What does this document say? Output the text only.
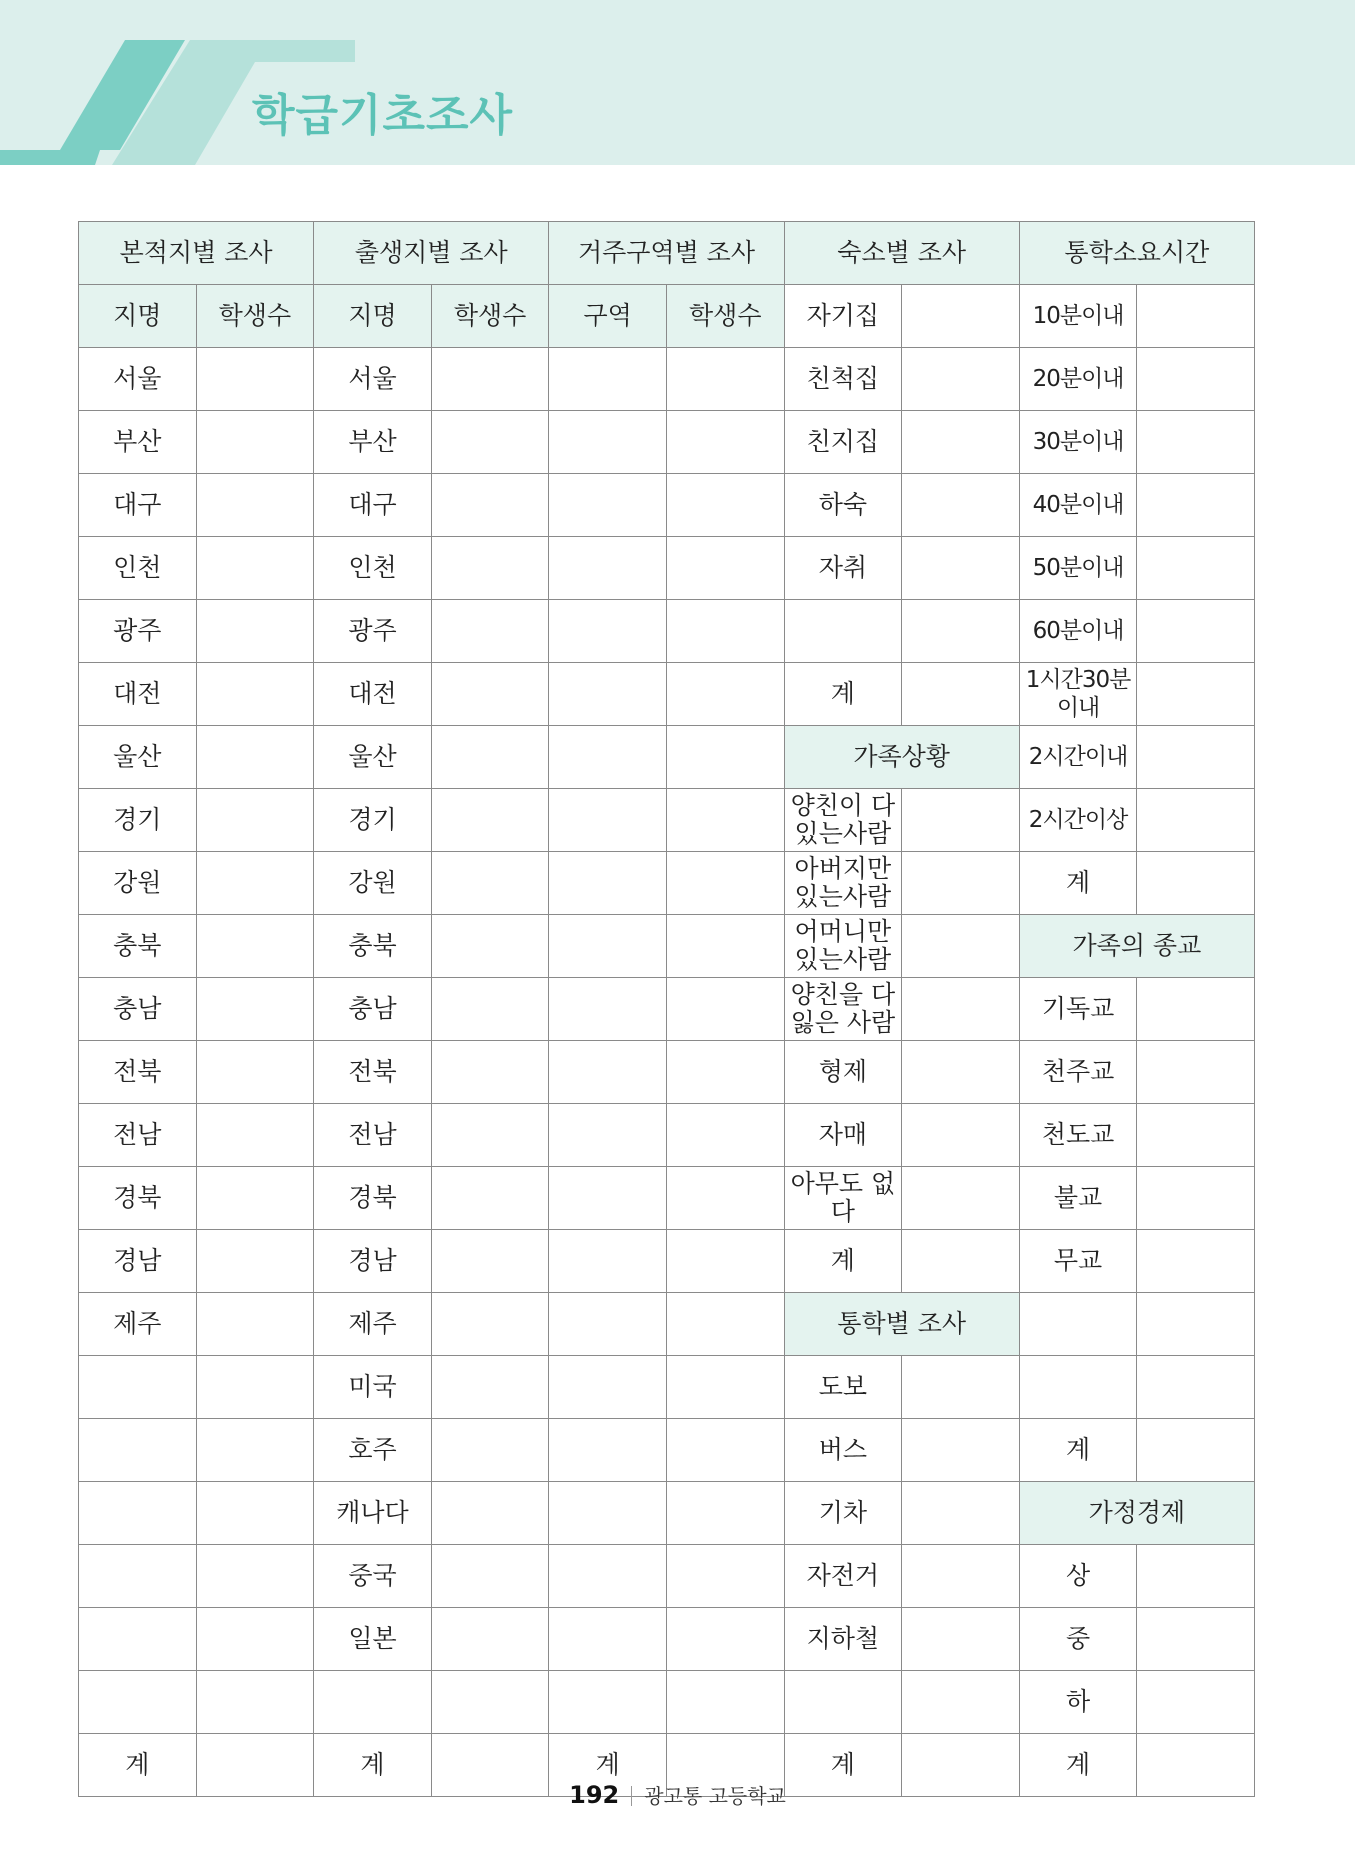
학급기초조사
본적지별 조사		출생지별 조사		거주구역별 조사		숙소별 조사		통학소요시간	
지명	학생수	지명	학생수	구역	학생수	자기집		10분이내	
서울		서울				친척집		20분이내	
부산		부산				친지집		30분이내	
대구		대구				하숙		40분이내	
인천		인천				자취		50분이내	
광주		광주						60분이내	
대전		대전				계		1시간30분 이내	
울산		울산				가족상황		2시간이내	
경기		경기				양친이 다 있는사람		2시간이상	
강원		강원				아버지만 있는사람		계	
충북		충북				어머니만 있는사람		가족의 종교	
충남		충남				양친을 다 잃은 사람		기독교	
전북		전북				형제		천주교	
전남		전남				자매		천도교	
경북		경북				아무도 없다		불교	
경남		경남				계		무교	
제주		제주				통학별 조사			
		미국				도보			
		호주				버스		계	
		캐나다				기차		가정경제	
		중국				자전거		상	
		일본				지하철		중	
								하	
계		계		계		계		계	
192 광고통 고등학교
